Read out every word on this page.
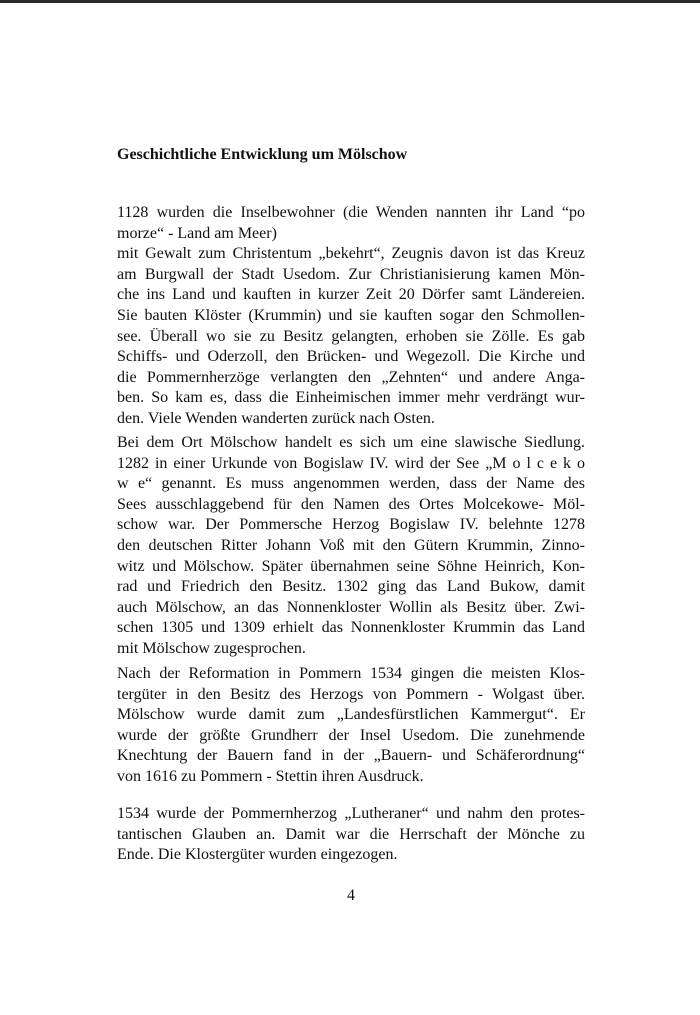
Geschichtliche Entwicklung um Mölschow

1128 wurden die Inselbewohner (die Wenden nannten ihr Land “po
morze“ - Land am Meer)
mit Gewalt zum Christentum „bekehrt“, Zeugnis davon ist das Kreuz
am Burgwall der Stadt Usedom. Zur Christianisierung kamen Mön-
che ins Land und kauften in kurzer Zeit 20 Dörfer samt Ländereien.
Sie bauten Klöster (Krummin) und sie kauften sogar den Schmollen-
see. Überall wo sie zu Besitz gelangten, erhoben sie Zölle. Es gab
Schiffs- und Oderzoll, den Brücken- und Wegezoll. Die Kirche und
die Pommernherzöge verlangten den „Zehnten“ und andere Anga-
ben. So kam es, dass die Einheimischen immer mehr verdrängt wur-
den. Viele Wenden wanderten zurück nach Osten.

Bei dem Ort Mölschow handelt es sich um eine slawische Siedlung.
1282 in einer Urkunde von Bogislaw IV. wird der See „M o l c e k o
w e“ genannt. Es muss angenommen werden, dass der Name des
Sees ausschlaggebend für den Namen des Ortes Molcekowe- Möl-
schow war. Der Pommersche Herzog Bogislaw IV. belehnte 1278
den deutschen Ritter Johann Voß mit den Gütern Krummin, Zinno-
witz und Mölschow. Später übernahmen seine Söhne Heinrich, Kon-
rad und Friedrich den Besitz. 1302 ging das Land Bukow, damit
auch Mölschow, an das Nonnenkloster Wollin als Besitz über. Zwi-
schen 1305 und 1309 erhielt das Nonnenkloster Krummin das Land
mit Mölschow zugesprochen.

Nach der Reformation in Pommern 1534 gingen die meisten Klos-
tergüter in den Besitz des Herzogs von Pommern - Wolgast über.
Mölschow wurde damit zum „Landesfürstlichen Kammergut“. Er
wurde der größte Grundherr der Insel Usedom. Die zunehmende
Knechtung der Bauern fand in der „Bauern- und Schäferordnung“
von 1616 zu Pommern - Stettin ihren Ausdruck.

1534 wurde der Pommernherzog „Lutheraner“ und nahm den protes-
tantischen Glauben an. Damit war die Herrschaft der Mönche zu
Ende. Die Klostergüter wurden eingezogen.

4
